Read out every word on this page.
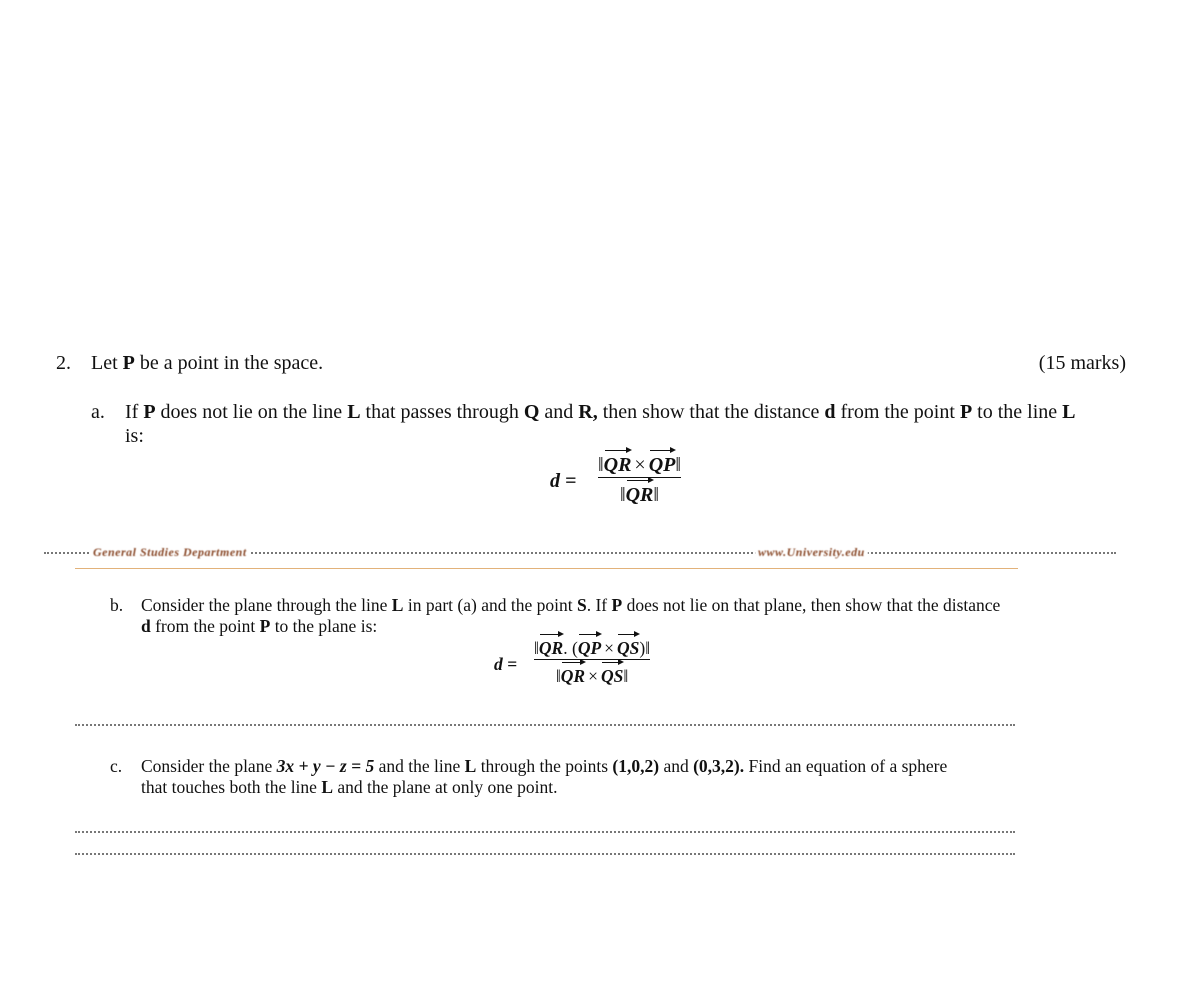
2. Let P be a point in the space.	(15 marks)
a. If P does not lie on the line L that passes through Q and R, then show that the distance d from the point P to the line L
is:
d =
‖QR × QP‖
‖QR‖
General Studies Department	www.University.edu
b. Consider the plane through the line L in part (a) and the point S. If P does not lie on that plane, then show that the distance
d from the point P to the plane is:
d =
‖QR. (QP × QS)‖
‖QR × QS‖
c. Consider the plane 3x + y − z = 5 and the line L through the points (1,0,2) and (0,3,2). Find an equation of a sphere
that touches both the line L and the plane at only one point.
